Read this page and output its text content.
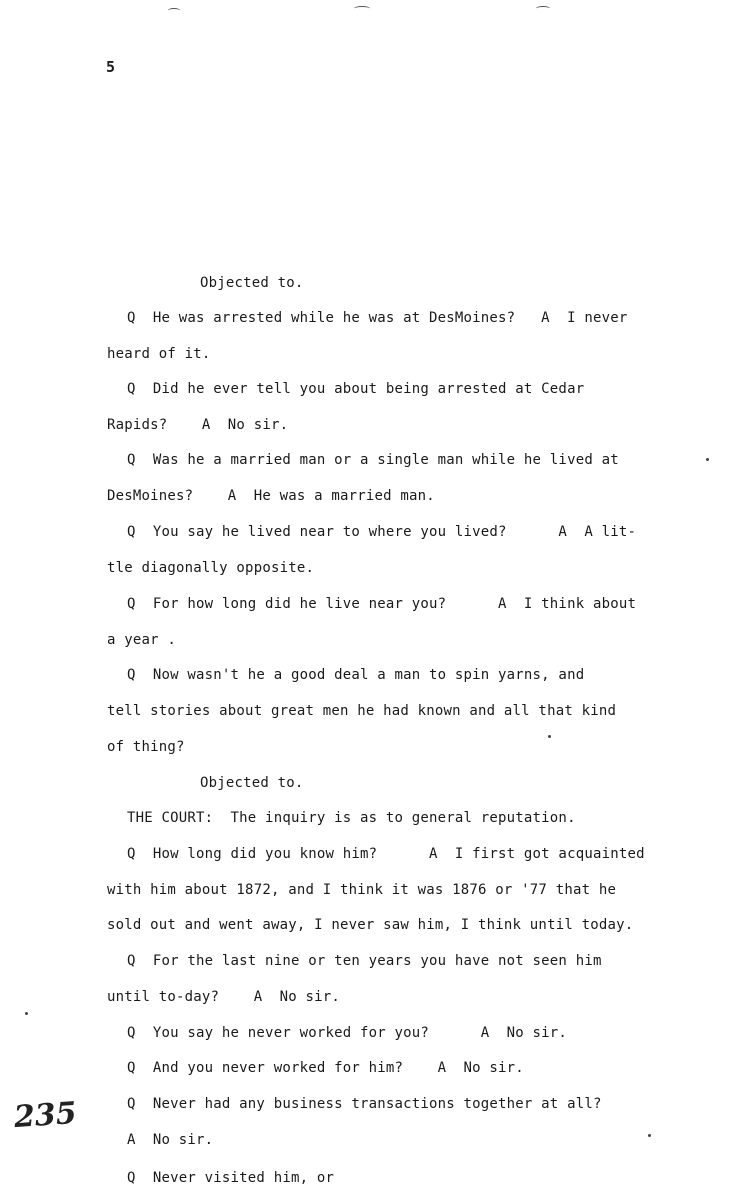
5
Objected to.
Q  He was arrested while he was at DesMoines?   A  I never
heard of it.
Q  Did he ever tell you about being arrested at Cedar
Rapids?    A  No sir.
Q  Was he a married man or a single man while he lived at
DesMoines?    A  He was a married man.
Q  You say he lived near to where you lived?      A  A lit-
tle diagonally opposite.
Q  For how long did he live near you?      A  I think about
a year .
Q  Now wasn't he a good deal a man to spin yarns, and
tell stories about great men he had known and all that kind
of thing?
Objected to.
THE COURT:  The inquiry is as to general reputation.
Q  How long did you know him?      A  I first got acquainted
with him about 1872, and I think it was 1876 or '77 that he
sold out and went away, I never saw him, I think until today.
Q  For the last nine or ten years you have not seen him
until to-day?    A  No sir.
Q  You say he never worked for you?      A  No sir.
Q  And you never worked for him?    A  No sir.
Q  Never had any business transactions together at all?
A  No sir.
Q  Never visited him, or
235
